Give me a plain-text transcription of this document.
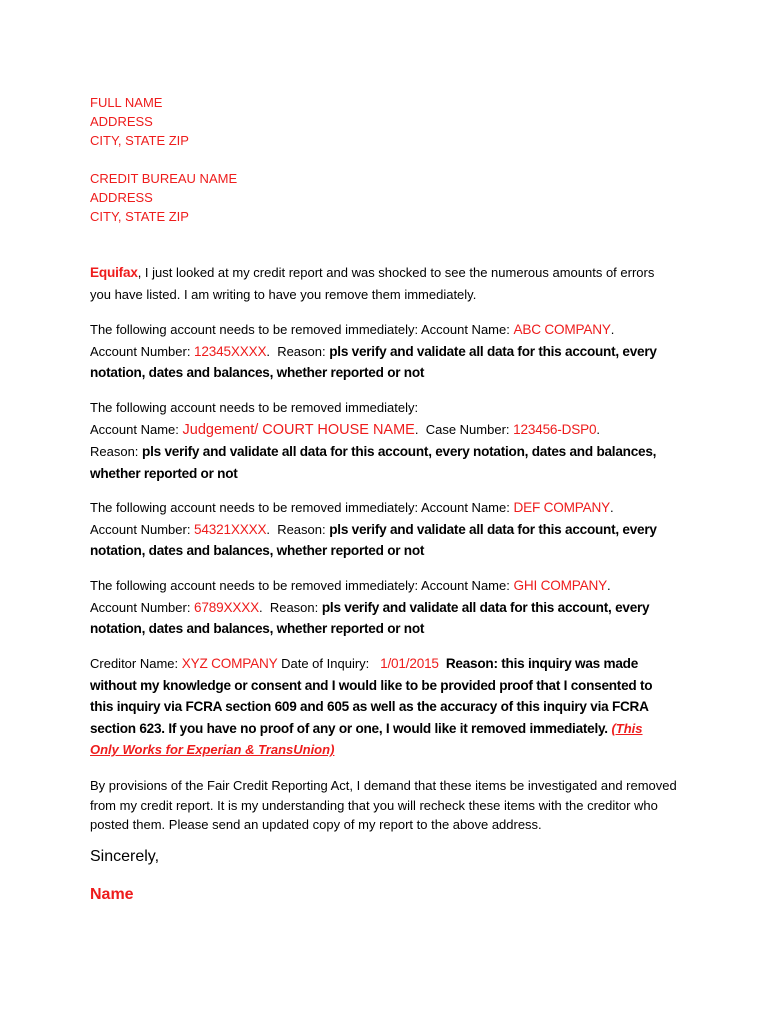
FULL NAME
ADDRESS
CITY, STATE ZIP
CREDIT BUREAU NAME
ADDRESS
CITY, STATE ZIP
Equifax, I just looked at my credit report and was shocked to see the numerous amounts of errors you have listed. I am writing to have you remove them immediately.
The following account needs to be removed immediately: Account Name: ABC COMPANY.
Account Number: 12345XXXX. Reason: pls verify and validate all data for this account, every notation, dates and balances, whether reported or not
The following account needs to be removed immediately:
Account Name: Judgement/ COURT HOUSE NAME. Case Number: 123456-DSP0.
Reason: pls verify and validate all data for this account, every notation, dates and balances, whether reported or not
The following account needs to be removed immediately: Account Name: DEF COMPANY.
Account Number: 54321XXXX. Reason: pls verify and validate all data for this account, every notation, dates and balances, whether reported or not
The following account needs to be removed immediately: Account Name: GHI COMPANY.
Account Number: 6789XXXX. Reason: pls verify and validate all data for this account, every notation, dates and balances, whether reported or not
Creditor Name: XYZ COMPANY Date of Inquiry:   1/01/2015  Reason: this inquiry was made without my knowledge or consent and I would like to be provided proof that I consented to this inquiry via FCRA section 609 and 605 as well as the accuracy of this inquiry via FCRA section 623. If you have no proof of any or one, I would like it removed immediately. (This Only Works for Experian & TransUnion)
By provisions of the Fair Credit Reporting Act, I demand that these items be investigated and removed from my credit report. It is my understanding that you will recheck these items with the creditor who posted them. Please send an updated copy of my report to the above address.
Sincerely,
Name
